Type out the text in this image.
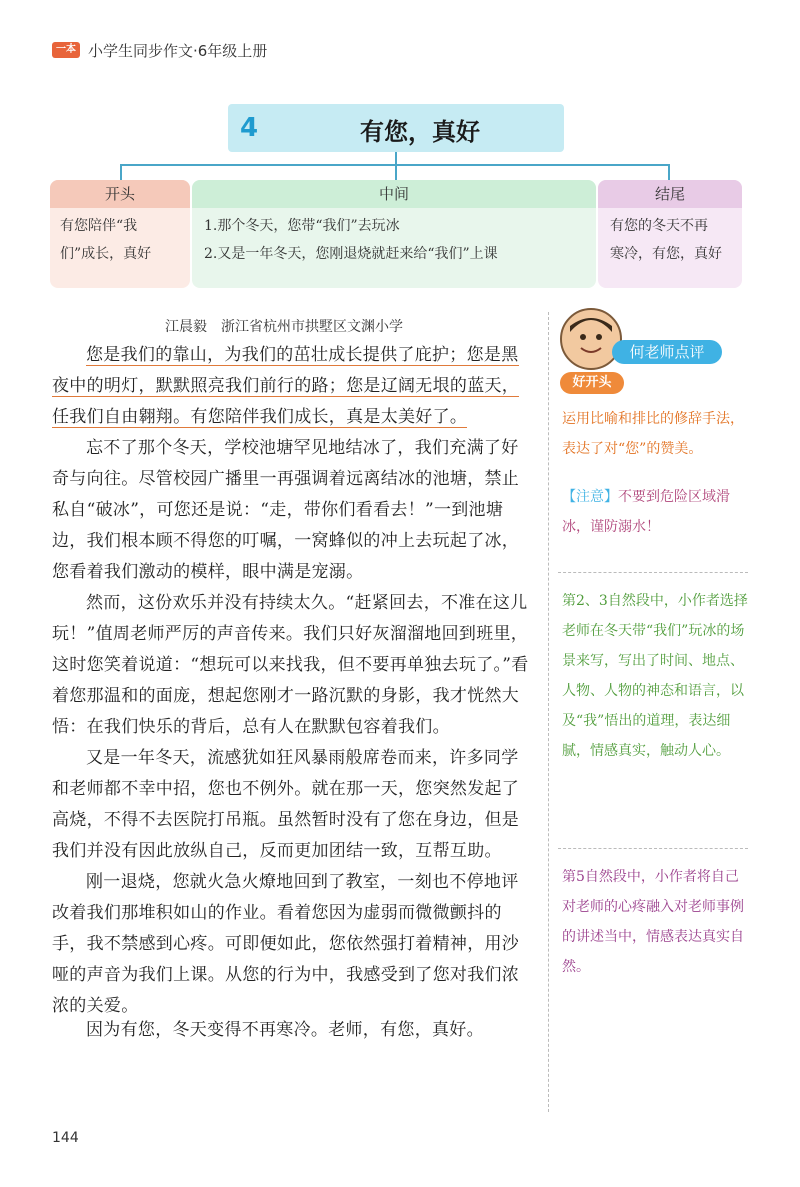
一本 小学生同步作文·6年级上册
4	有您，真好
开头
有您陪伴“我
们”成长，真好
中间
1.那个冬天，您带“我们”去玩冰
2.又是一年冬天，您刚退烧就赶来给“我们”上课
结尾
有您的冬天不再
寒冷，有您，真好
江晨毅　浙江省杭州市拱墅区文渊小学
您是我们的靠山，为我们的茁壮成长提供了庇护；您是黑夜中的明灯，默默照亮我们前行的路；您是辽阔无垠的蓝天，任我们自由翱翔。有您陪伴我们成长，真是太美好了。
忘不了那个冬天，学校池塘罕见地结冰了，我们充满了好奇与向往。尽管校园广播里一再强调着远离结冰的池塘，禁止私自“破冰”，可您还是说：“走，带你们看看去！”一到池塘边，我们根本顾不得您的叮嘱，一窝蜂似的冲上去玩起了冰，您看着我们激动的模样，眼中满是宠溺。
然而，这份欢乐并没有持续太久。“赶紧回去，不准在这儿玩！”值周老师严厉的声音传来。我们只好灰溜溜地回到班里，这时您笑着说道：“想玩可以来找我，但不要再单独去玩了。”看着您那温和的面庞，想起您刚才一路沉默的身影，我才恍然大悟：在我们快乐的背后，总有人在默默包容着我们。
又是一年冬天，流感犹如狂风暴雨般席卷而来，许多同学和老师都不幸中招，您也不例外。就在那一天，您突然发起了高烧，不得不去医院打吊瓶。虽然暂时没有了您在身边，但是我们并没有因此放纵自己，反而更加团结一致，互帮互助。
刚一退烧，您就火急火燎地回到了教室，一刻也不停地评改着我们那堆积如山的作业。看着您因为虚弱而微微颤抖的手，我不禁感到心疼。可即便如此，您依然强打着精神，用沙哑的声音为我们上课。从您的行为中，我感受到了您对我们浓浓的关爱。
因为有您，冬天变得不再寒冷。老师，有您，真好。
何老师点评
好开头
运用比喻和排比的修辞手法，表达了对“您”的赞美。
【注意】不要到危险区域滑冰，谨防溺水！
第2、3自然段中，小作者选择老师在冬天带“我们”玩冰的场景来写，写出了时间、地点、人物、人物的神态和语言，以及“我”悟出的道理，表达细腻，情感真实，触动人心。
第5自然段中，小作者将自己对老师的心疼融入对老师事例的讲述当中，情感表达真实自然。
144
